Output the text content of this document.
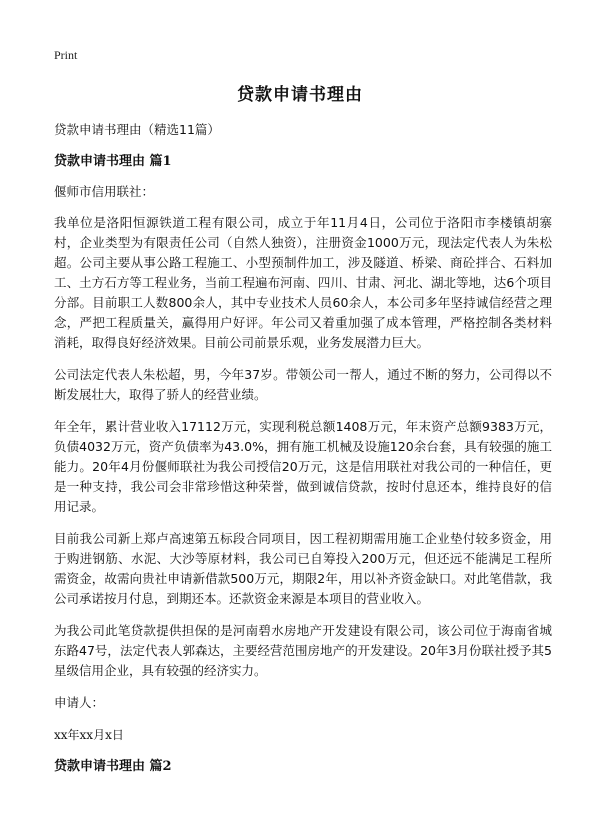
Print
贷款申请书理由

贷款申请书理由（精选11篇）

贷款申请书理由 篇1

偃师市信用联社：

我单位是洛阳恒源铁道工程有限公司，成立于年11月4日，公司位于洛阳市李楼镇胡寨村，企业类型为有限责任公司（自然人独资），注册资金1000万元，现法定代表人为朱松超。公司主要从事公路工程施工、小型预制件加工，涉及隧道、桥梁、商砼拌合、石料加工、土方石方等工程业务，当前工程遍布河南、四川、甘肃、河北、湖北等地，达6个项目分部。目前职工人数800余人，其中专业技术人员60余人，本公司多年坚持诚信经营之理念，严把工程质量关，赢得用户好评。年公司又着重加强了成本管理，严格控制各类材料消耗，取得良好经济效果。目前公司前景乐观，业务发展潜力巨大。

公司法定代表人朱松超，男，今年37岁。带领公司一帮人，通过不断的努力，公司得以不断发展壮大，取得了骄人的经营业绩。

年全年，累计营业收入17112万元，实现利税总额1408万元，年末资产总额9383万元，负债4032万元，资产负债率为43.0%，拥有施工机械及设施120余台套，具有较强的施工能力。20年4月份偃师联社为我公司授信20万元，这是信用联社对我公司的一种信任，更是一种支持，我公司会非常珍惜这种荣誉，做到诚信贷款，按时付息还本，维持良好的信用记录。

目前我公司新上郑卢高速第五标段合同项目，因工程初期需用施工企业垫付较多资金，用于购进钢筋、水泥、大沙等原材料，我公司已自筹投入200万元，但还远不能满足工程所需资金，故需向贵社申请新借款500万元，期限2年，用以补齐资金缺口。对此笔借款，我公司承诺按月付息，到期还本。还款资金来源是本项目的营业收入。

为我公司此笔贷款提供担保的是河南碧水房地产开发建设有限公司，该公司位于海南省城东路47号，法定代表人郭森达，主要经营范围房地产的开发建设。20年3月份联社授予其5星级信用企业，具有较强的经济实力。

申请人：

xx年xx月x日

贷款申请书理由 篇2
